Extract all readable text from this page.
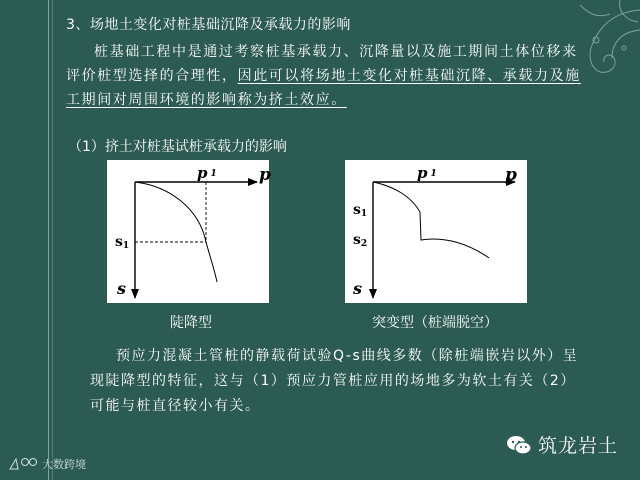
3、场地土变化对桩基础沉降及承载力的影响
桩基础工程中是通过考察桩基承载力、沉降量以及施工期间土体位移来评价桩型选择的合理性，因此可以将场地土变化对桩基础沉降、承载力及施工期间对周围环境的影响称为挤土效应。
（1）挤土对桩基试桩承载力的影响
p 1 p
s1
s
陡降型
p 1	p
s1
s2
s
突变型（桩端脱空）
预应力混凝土管桩的静载荷试验Q-s曲线多数（除桩端嵌岩以外）呈现陡降型的特征，这与（1）预应力管桩应用的场地多为软土有关（2）可能与桩直径较小有关。
筑龙岩土
大数跨境
